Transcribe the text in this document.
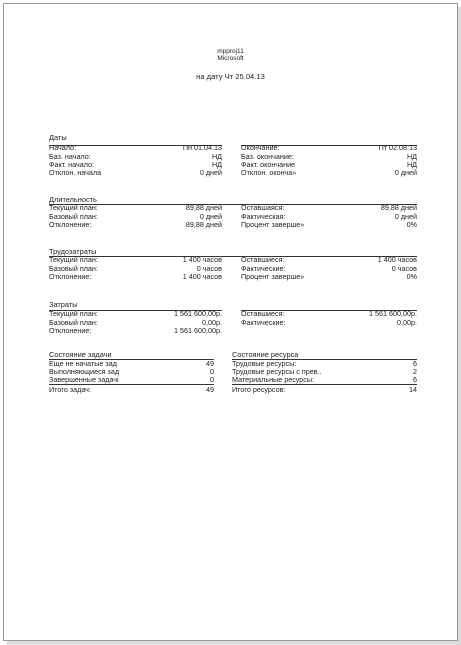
mpproj11
Microsoft
на дату Чт 25.04.13
Даты
Начало:	Пн 01.04.13
Баз. начало:	НД
Факт. начало:	НД
Отклон. начала	0 дней
Окончание:	Пт 02.08.13
Баз. окончание:	НД
Факт. окончание	НД
Отклон. оконча»	0 дней
Длительность
Текущий план:	89,88 дней
Базовый план:	0 дней
Отклонение:	89,88 дней
Оставшаяся:	89,88 дней
Фактическая:	0 дней
Процент заверше»	0%
Трудозатраты
Текущий план:	1 400 часов
Базовый план:	0 часов
Отклонение:	1 400 часов
Оставшиеся:	1 400 часов
Фактические:	0 часов
Процент заверше»	0%
Затраты
Текущий план:	1 561 600,00р.
Базовый план:	0,00р.
Отклонение:	1 561 600,00р.
Оставшиеся:	1 561 600,00р.
Фактические:	0,00р.
Состояние задачи
Еще не начатые зад	49
Выполняющиеся зад	0
Завершенные задачі	0
Итого задач:	49
Состояние ресурса
Трудовые ресурсы:	6
Трудовые ресурсы с прев..	2
Материальные ресурсы:	6
Итого ресурсов:	14
